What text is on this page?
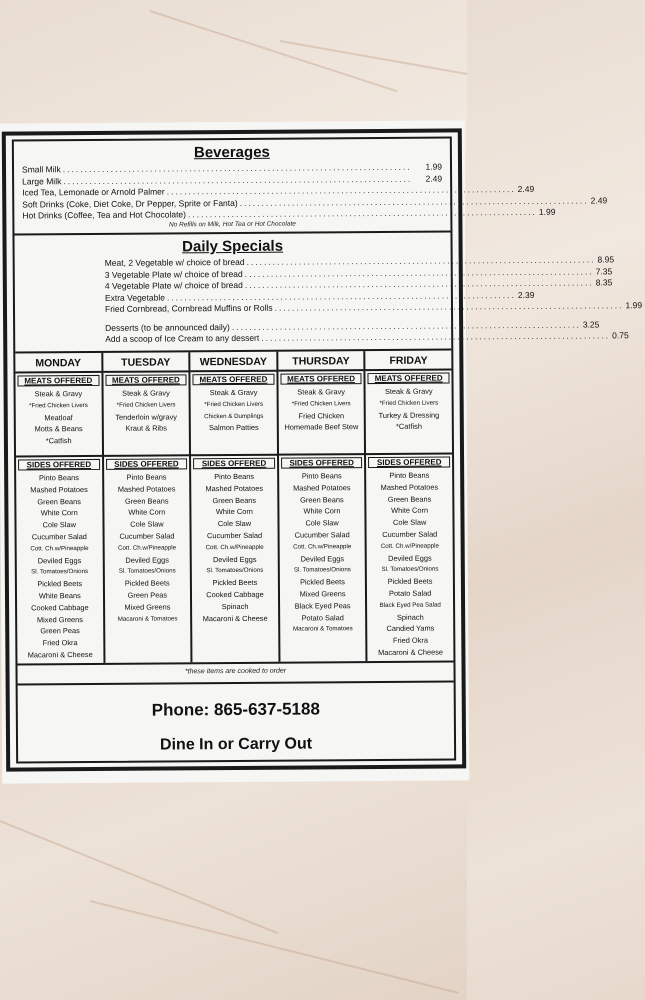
Beverages
Small Milk ................................................................................	1.99
Large Milk ................................................................................	2.49
Iced Tea, Lemonade or Arnold Palmer ................................................................................ 2.49
Soft Drinks (Coke, Diet Coke, Dr Pepper, Sprite or Fanta) ................................................................................ 2.49
Hot Drinks (Coffee, Tea and Hot Chocolate) ................................................................................ 1.99
No Refills on Milk, Hot Tea or Hot Chocolate
Daily Specials
Meat, 2 Vegetable w/ choice of bread ................................................................................ 8.95
3 Vegetable Plate w/ choice of bread ................................................................................ 7.35
4 Vegetable Plate w/ choice of bread ................................................................................ 8.35
Extra Vegetable ................................................................................ 2.39
Fried Cornbread, Cornbread Muffins or Rolls ................................................................................ 1.99
Desserts (to be announced daily) ................................................................................ 3.25
Add a scoop of Ice Cream to any dessert ................................................................................ 0.75
MONDAY
MEATS OFFERED
Steak & Gravy
*Fried Chicken Livers
Meatloaf
Motts & Beans
*Catfish
SIDES OFFERED
Pinto Beans
Mashed Potatoes
Green Beans
White Corn
Cole Slaw
Cucumber Salad
Cott. Ch.w/Pineapple
Deviled Eggs
Sl. Tomatoes/Onions
Pickled Beets
White Beans
Cooked Cabbage
Mixed Greens
Green Peas
Fried Okra
Macaroni & Cheese
TUESDAY
MEATS OFFERED
Steak & Gravy
*Fried Chicken Livers
Tenderloin w/gravy
Kraut & Ribs
SIDES OFFERED
Pinto Beans
Mashed Potatoes
Green Beans
White Corn
Cole Slaw
Cucumber Salad
Cott. Ch.w/Pineapple
Deviled Eggs
Sl. Tomatoes/Onions
Pickled Beets
Green Peas
Mixed Greens
Macaroni & Tomatoes
WEDNESDAY
MEATS OFFERED
Steak & Gravy
*Fried Chicken Livers
Chicken & Dumplings
Salmon Patties
SIDES OFFERED
Pinto Beans
Mashed Potatoes
Green Beans
White Corn
Cole Slaw
Cucumber Salad
Cott. Ch.w/Pineapple
Deviled Eggs
Sl. Tomatoes/Onions
Pickled Beets
Cooked Cabbage
Spinach
Macaroni & Cheese
THURSDAY
MEATS OFFERED
Steak & Gravy
*Fried Chicken Livers
Fried Chicken
Homemade Beef Stew
SIDES OFFERED
Pinto Beans
Mashed Potatoes
Green Beans
White Corn
Cole Slaw
Cucumber Salad
Cott. Ch.w/Pineapple
Deviled Eggs
Sl. Tomatoes/Onions
Pickled Beets
Mixed Greens
Black Eyed Peas
Potato Salad
Macaroni & Tomatoes
FRIDAY
MEATS OFFERED
Steak & Gravy
*Fried Chicken Livers
Turkey & Dressing
*Catfish
SIDES OFFERED
Pinto Beans
Mashed Potatoes
Green Beans
White Corn
Cole Slaw
Cucumber Salad
Cott. Ch.w/Pineapple
Deviled Eggs
Sl. Tomatoes/Onions
Pickled Beets
Potato Salad
Black Eyed Pea Salad
Spinach
Candied Yams
Fried Okra
Macaroni & Cheese
*these items are cooked to order
Phone: 865-637-5188
Dine In or Carry Out
